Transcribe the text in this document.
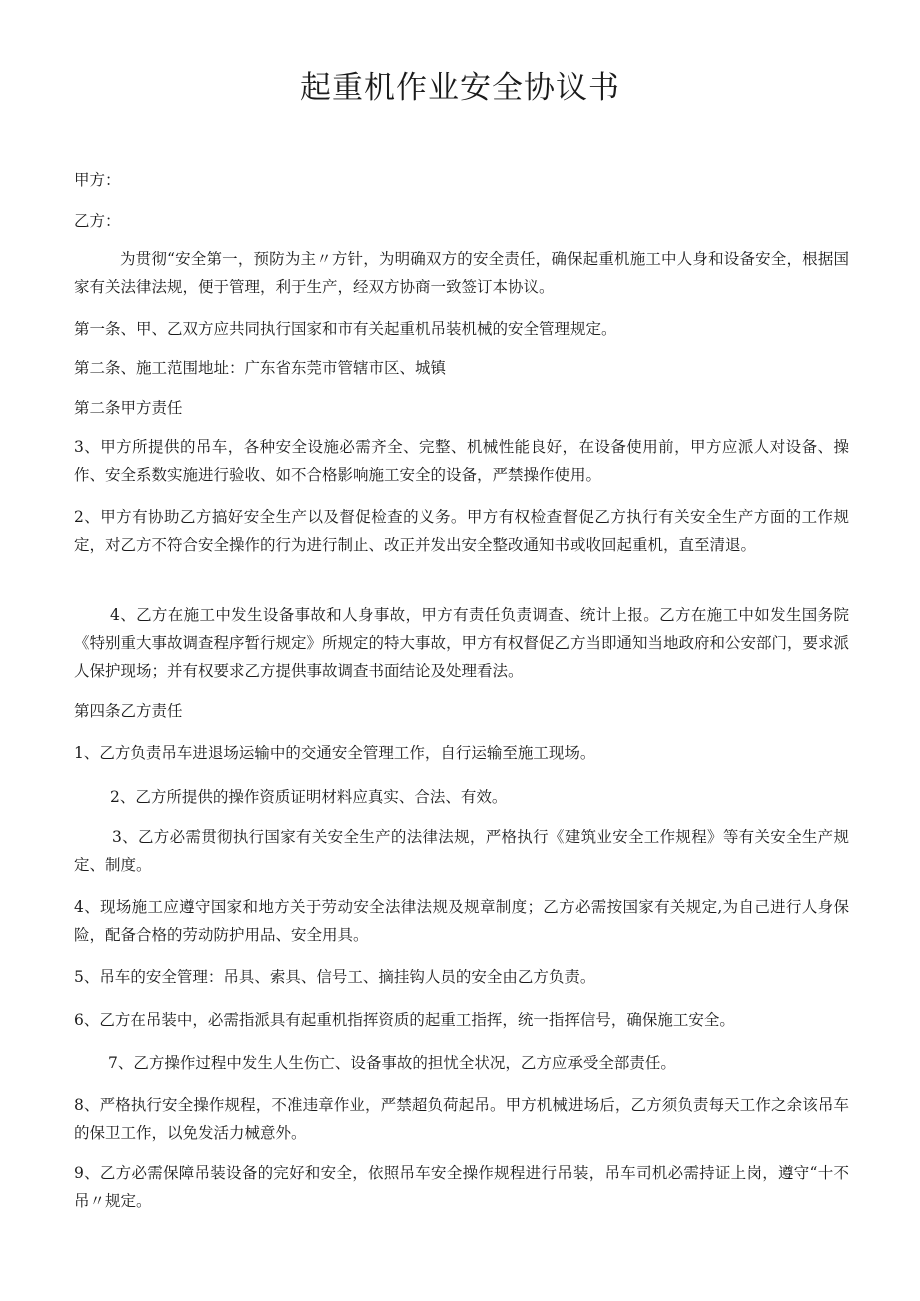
起重机作业安全协议书

甲方：

乙方：

为贯彻“安全第一，预防为主〃方针，为明确双方的安全责任，确保起重机施工中人身和设备安全，根据国家有关法律法规，便于管理，利于生产，经双方协商一致签订本协议。

第一条、甲、乙双方应共同执行国家和市有关起重机吊装机械的安全管理规定。

第二条、施工范围地址：广东省东莞市管辖市区、城镇

第二条甲方责任

3、甲方所提供的吊车，各种安全设施必需齐全、完整、机械性能良好，在设备使用前，甲方应派人对设备、操作、安全系数实施进行验收、如不合格影响施工安全的设备，严禁操作使用。

2、甲方有协助乙方搞好安全生产以及督促检查的义务。甲方有权检查督促乙方执行有关安全生产方面的工作规定，对乙方不符合安全操作的行为进行制止、改正并发出安全整改通知书或收回起重机，直至清退。

4、乙方在施工中发生设备事故和人身事故，甲方有责任负责调查、统计上报。乙方在施工中如发生国务院《特别重大事故调查程序暂行规定》所规定的特大事故，甲方有权督促乙方当即通知当地政府和公安部门，要求派人保护现场；并有权要求乙方提供事故调查书面结论及处理看法。

第四条乙方责任

1、乙方负责吊车进退场运输中的交通安全管理工作，自行运输至施工现场。

2、乙方所提供的操作资质证明材料应真实、合法、有效。

3、乙方必需贯彻执行国家有关安全生产的法律法规，严格执行《建筑业安全工作规程》等有关安全生产规定、制度。

4、现场施工应遵守国家和地方关于劳动安全法律法规及规章制度；乙方必需按国家有关规定,为自己进行人身保险，配备合格的劳动防护用品、安全用具。

5、吊车的安全管理：吊具、索具、信号工、摘挂钩人员的安全由乙方负责。

6、乙方在吊装中，必需指派具有起重机指挥资质的起重工指挥，统一指挥信号，确保施工安全。

7、乙方操作过程中发生人生伤亡、设备事故的担忧全状况，乙方应承受全部责任。

8、严格执行安全操作规程，不准违章作业，严禁超负荷起吊。甲方机械进场后，乙方须负责每天工作之余该吊车的保卫工作，以免发活力械意外。

9、乙方必需保障吊装设备的完好和安全，依照吊车安全操作规程进行吊装，吊车司机必需持证上岗，遵守“十不吊〃规定。
